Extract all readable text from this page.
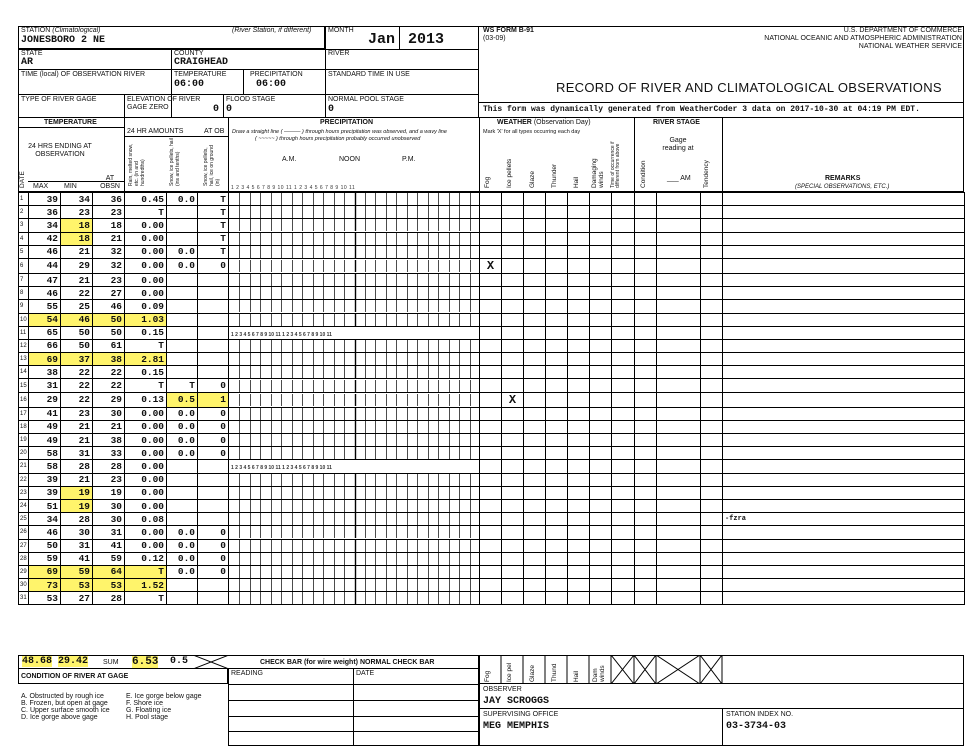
STATION (Climatological)	(River Station, if different)
JONESBORO 2 NE
MONTH
Jan 2013
STATE
AR
COUNTY
CRAIGHEAD
RIVER
TIME (local) OF OBSERVATION RIVER	TEMPERATURE
06:00
PRECIPITATION
06:00
STANDARD TIME IN USE
TYPE OF RIVER GAGE	ELEVATION OF RIVER GAGE ZERO	0
FLOOD STAGE
0
NORMAL POOL STAGE
0
WS FORM B-91
(03-09)
U.S. DEPARTMENT OF COMMERCE
NATIONAL OCEANIC AND ATMOSPHERIC ADMINISTRATION
NATIONAL WEATHER SERVICE
RECORD OF RIVER AND CLIMATOLOGICAL OBSERVATIONS
This form was dynamically generated from WeatherCoder 3 data on 2017-10-30 at 04:19 PM EDT.
TEMPERATURE
24 HRS ENDING AT OBSERVATION
DATE MAX MIN
AT OBSN
24 HR AMOUNTS	AT OB
Rain, melted snow, etc. (in and hundredths)	Snow, ice pellets, hail (ins and tenths)	Snow, ice pellets, hail, ice on ground (in)
PRECIPITATION
Draw a straight line ( ——— ) through hours precipitation was observed, and a wavy line
( ~~~~~ ) through hours precipitation probably occurred unobserved
A.M.	NOON	P.M.
1 2 3 4 5 6 7 8 9 10 11 1 2 3 4 5 6 7 8 9 10 11
WEATHER (Observation Day)
Mark 'X' for all types occurring each day
Fog Ice pellets Glaze Thunder Hail Damaging winds Time of occurrence if different from above
RIVER STAGE
Condition
Gage reading at
___ AM Tendency	REMARKS
(SPECIAL OBSERVATIONS, ETC.)
1	39	34	36	0.45	0.0	T	

2	36	23	23	T		T	

3	34	18	18	0.00		T	

4	42	18	21	0.00		T	

5	46	21	32	0.00	0.0	T	

6	44	29	32	0.00	0.0	0		X										
7	47	21	23	0.00			

8	46	22	27	0.00			

9	55	25	46	0.09			

10	54	46	50	1.03			

11	65	50	50	0.15			1 2 3 4 5 6 7 8 9 10 11 1 2 3 4 5 6 7 8 9 10 11											

12	66	50	61	T			

13	69	37	38	2.81			

14	38	22	22	0.15			

15	31	22	22	T	T	0	

16	29	22	29	0.13	0.5	1			X									
17	41	23	30	0.00	0.0	0	

18	49	21	21	0.00	0.0	0	

19	49	21	38	0.00	0.0	0	

20	58	31	33	0.00	0.0	0	

21	58	28	28	0.00			1 2 3 4 5 6 7 8 9 10 11 1 2 3 4 5 6 7 8 9 10 11											

22	39	21	23	0.00			

23	39	19	19	0.00			

24	51	19	30	0.00			

25	34	28	30	0.08														-fzra
26	46	30	31	0.00	0.0	0	

27	50	31	41	0.00	0.0	0	

28	59	41	59	0.12	0.0	0	

29	69	59	64	T	0.0	0	

30	73	53	53	1.52			

31	53	27	28	T			

48.68 29.42 SUM 6.53 0.5	CHECK BAR (for wire weight) NORMAL CHECK BAR
CONDITION OF RIVER AT GAGE	READING	DATE
A. Obstructed by rough ice
B. Frozen, but open at gage
C. Upper surface smooth ice
D. Ice gorge above gage
E. Ice gorge below gage
F. Shore ice
G. Floating ice
H. Pool stage
Fog Ice pel Glaze Thund Hail Dam winds
OBSERVER
JAY SCROGGS
SUPERVISING OFFICE
MEG MEMPHIS
STATION INDEX NO.
03-3734-03
